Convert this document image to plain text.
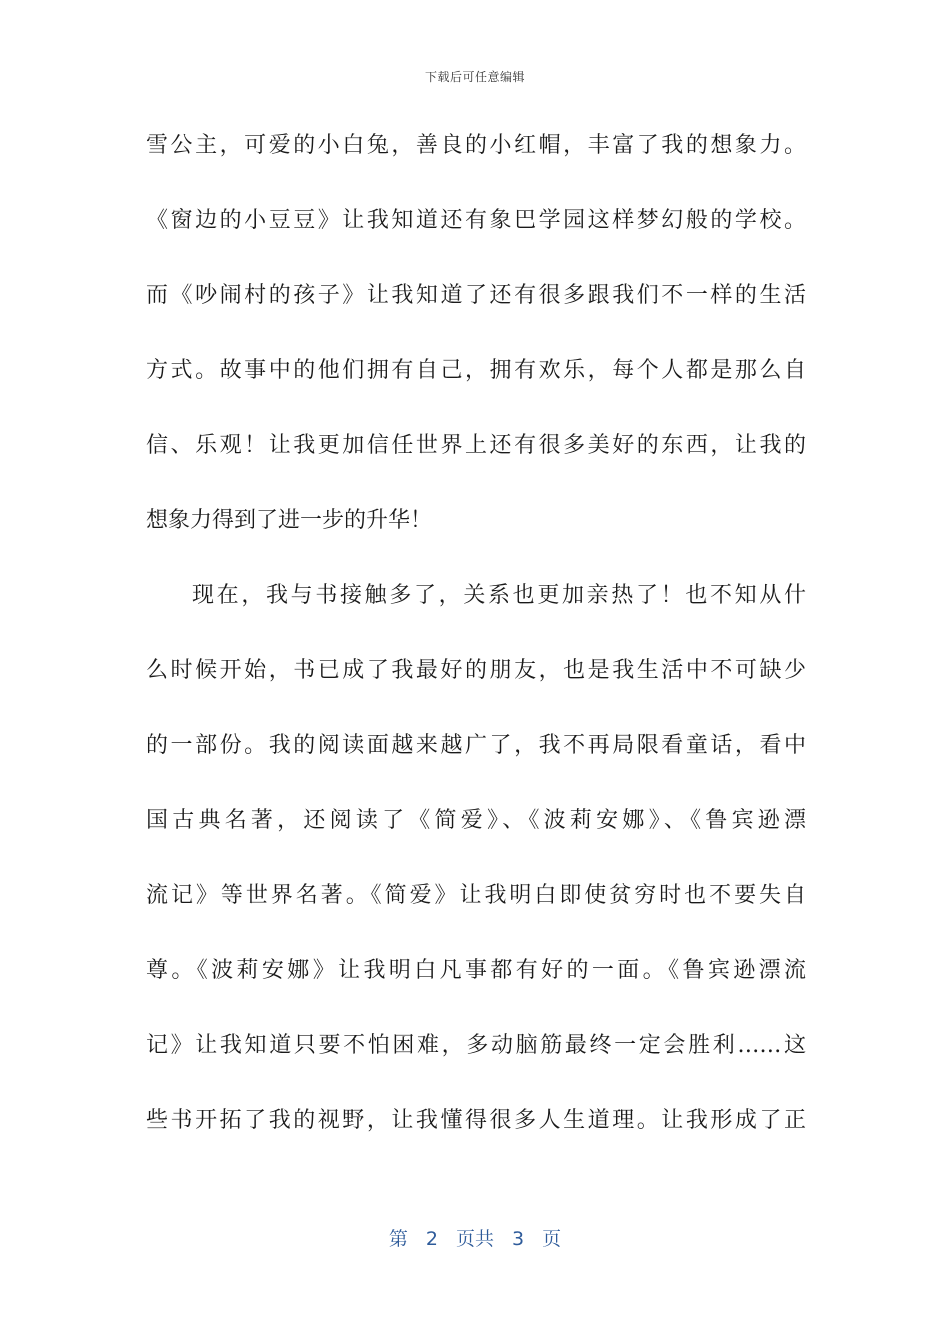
下载后可任意编辑
雪公主，可爱的小白兔，善良的小红帽，丰富了我的想象力。
《窗边的小豆豆》让我知道还有象巴学园这样梦幻般的学校。
而《吵闹村的孩子》让我知道了还有很多跟我们不一样的生活
方式。故事中的他们拥有自己，拥有欢乐，每个人都是那么自
信、乐观！让我更加信任世界上还有很多美好的东西，让我的
想象力得到了进一步的升华！
现在，我与书接触多了，关系也更加亲热了！也不知从什
么时候开始，书已成了我最好的朋友，也是我生活中不可缺少
的一部份。我的阅读面越来越广了，我不再局限看童话，看中
国古典名著，还阅读了《简爱》、《波莉安娜》、《鲁宾逊漂
流记》等世界名著。《简爱》让我明白即使贫穷时也不要失自
尊。《波莉安娜》让我明白凡事都有好的一面。《鲁宾逊漂流
记》让我知道只要不怕困难，多动脑筋最终一定会胜利……这
些书开拓了我的视野，让我懂得很多人生道理。让我形成了正
第 2 页共 3 页
